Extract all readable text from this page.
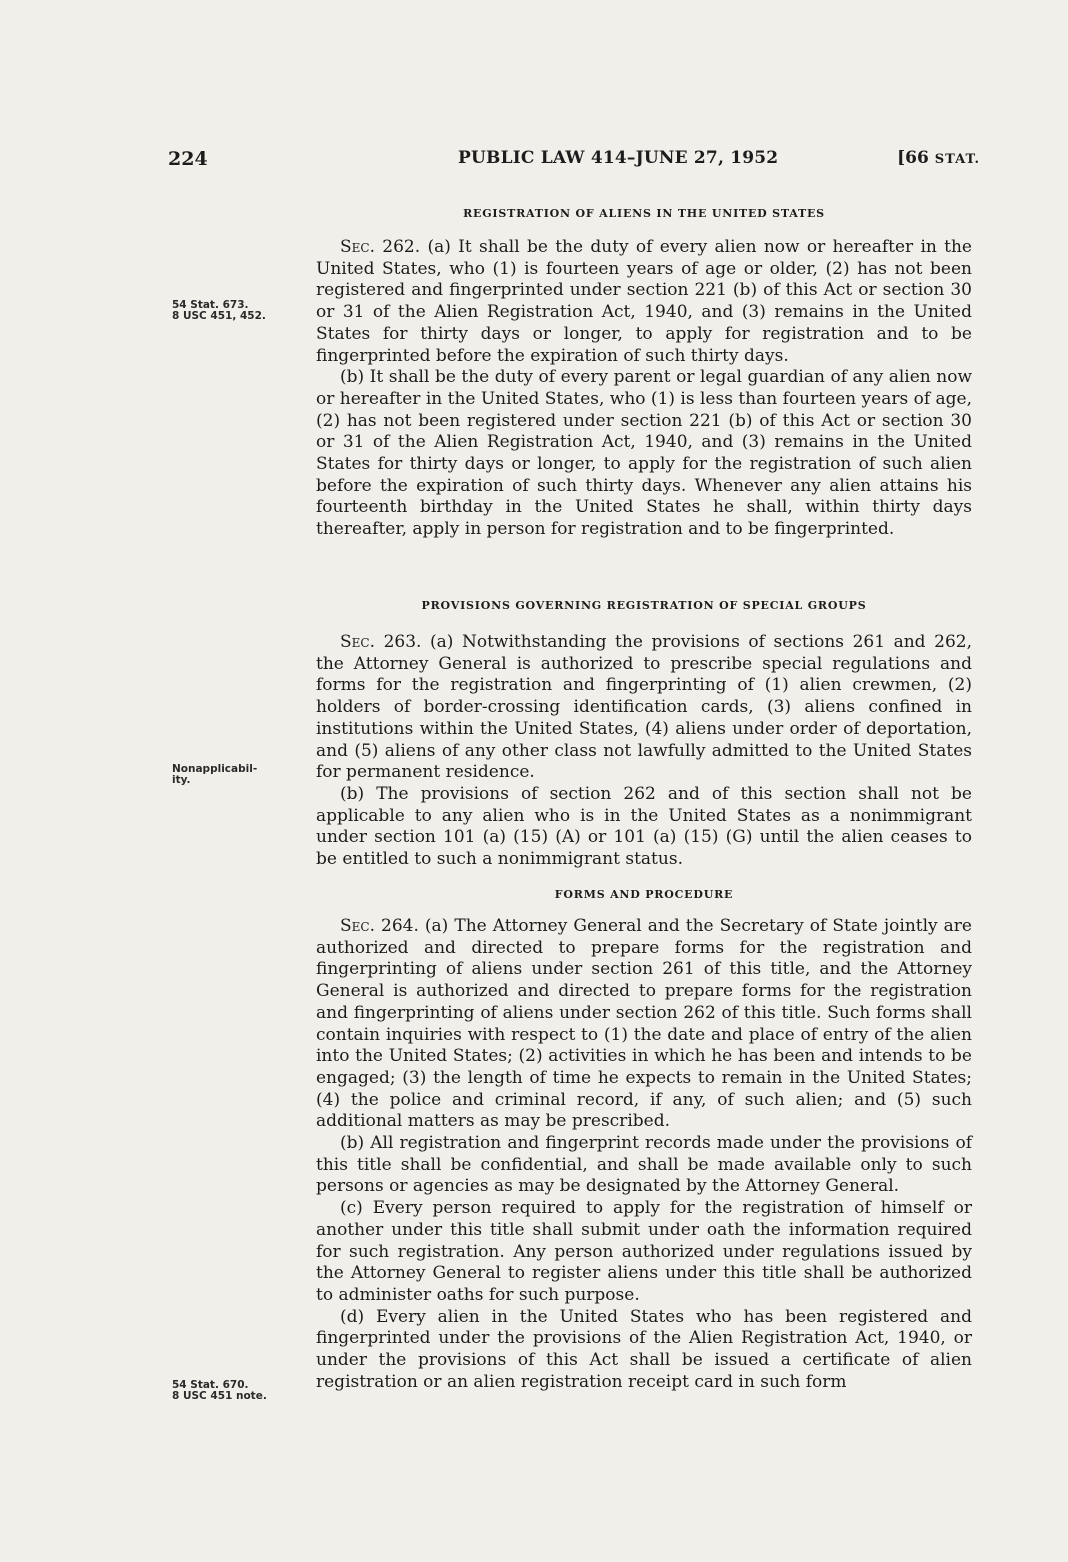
224	PUBLIC LAW 414–JUNE 27, 1952	[66 STAT.
54 Stat. 673.
8 USC 451, 452.
Nonapplicabil-
ity.
54 Stat. 670.
8 USC 451 note.
REGISTRATION OF ALIENS IN THE UNITED STATES

Sec. 262. (a) It shall be the duty of every alien now or hereafter in the United States, who (1) is fourteen years of age or older, (2) has not been registered and fingerprinted under section 221 (b) of this Act or section 30 or 31 of the Alien Registration Act, 1940, and (3) remains in the United States for thirty days or longer, to apply for registration and to be fingerprinted before the expiration of such thirty days.

(b) It shall be the duty of every parent or legal guardian of any alien now or hereafter in the United States, who (1) is less than fourteen years of age, (2) has not been registered under section 221 (b) of this Act or section 30 or 31 of the Alien Registration Act, 1940, and (3) remains in the United States for thirty days or longer, to apply for the registration of such alien before the expiration of such thirty days. Whenever any alien attains his fourteenth birthday in the United States he shall, within thirty days thereafter, apply in person for registration and to be fingerprinted.

PROVISIONS GOVERNING REGISTRATION OF SPECIAL GROUPS

Sec. 263. (a) Notwithstanding the provisions of sections 261 and 262, the Attorney General is authorized to prescribe special regulations and forms for the registration and fingerprinting of (1) alien crewmen, (2) holders of border-crossing identification cards, (3) aliens confined in institutions within the United States, (4) aliens under order of deportation, and (5) aliens of any other class not lawfully admitted to the United States for permanent residence.

(b) The provisions of section 262 and of this section shall not be applicable to any alien who is in the United States as a nonimmigrant under section 101 (a) (15) (A) or 101 (a) (15) (G) until the alien ceases to be entitled to such a nonimmigrant status.

FORMS AND PROCEDURE

Sec. 264. (a) The Attorney General and the Secretary of State jointly are authorized and directed to prepare forms for the registration and fingerprinting of aliens under section 261 of this title, and the Attorney General is authorized and directed to prepare forms for the registration and fingerprinting of aliens under section 262 of this title. Such forms shall contain inquiries with respect to (1) the date and place of entry of the alien into the United States; (2) activities in which he has been and intends to be engaged; (3) the length of time he expects to remain in the United States; (4) the police and criminal record, if any, of such alien; and (5) such additional matters as may be prescribed.

(b) All registration and fingerprint records made under the provisions of this title shall be confidential, and shall be made available only to such persons or agencies as may be designated by the Attorney General.

(c) Every person required to apply for the registration of himself or another under this title shall submit under oath the information required for such registration. Any person authorized under regulations issued by the Attorney General to register aliens under this title shall be authorized to administer oaths for such purpose.

(d) Every alien in the United States who has been registered and fingerprinted under the provisions of the Alien Registration Act, 1940, or under the provisions of this Act shall be issued a certificate of alien registration or an alien registration receipt card in such form
